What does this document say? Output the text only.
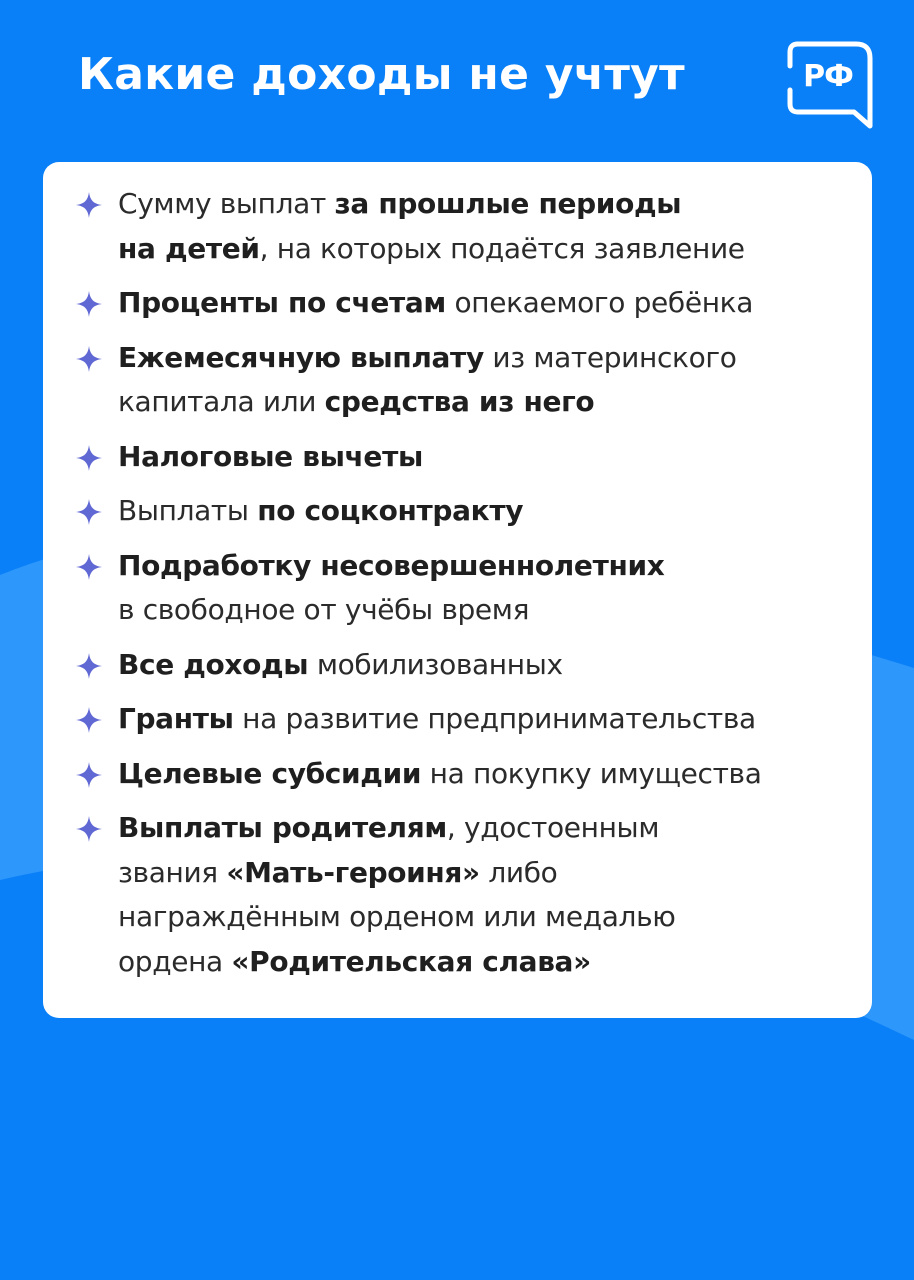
Какие доходы не учтут	РФ
Сумму выплат за прошлые периоды
на детей, на которых подаётся заявление
Проценты по счетам опекаемого ребёнка
Ежемесячную выплату из материнского
капитала или средства из него
Налоговые вычеты
Выплаты по соцконтракту
Подработку несовершеннолетних
в свободное от учёбы время
Все доходы мобилизованных
Гранты на развитие предпринимательства
Целевые субсидии на покупку имущества
Выплаты родителям, удостоенным
звания «Мать-героиня» либо
награждённым орденом или медалью
ордена «Родительская слава»
